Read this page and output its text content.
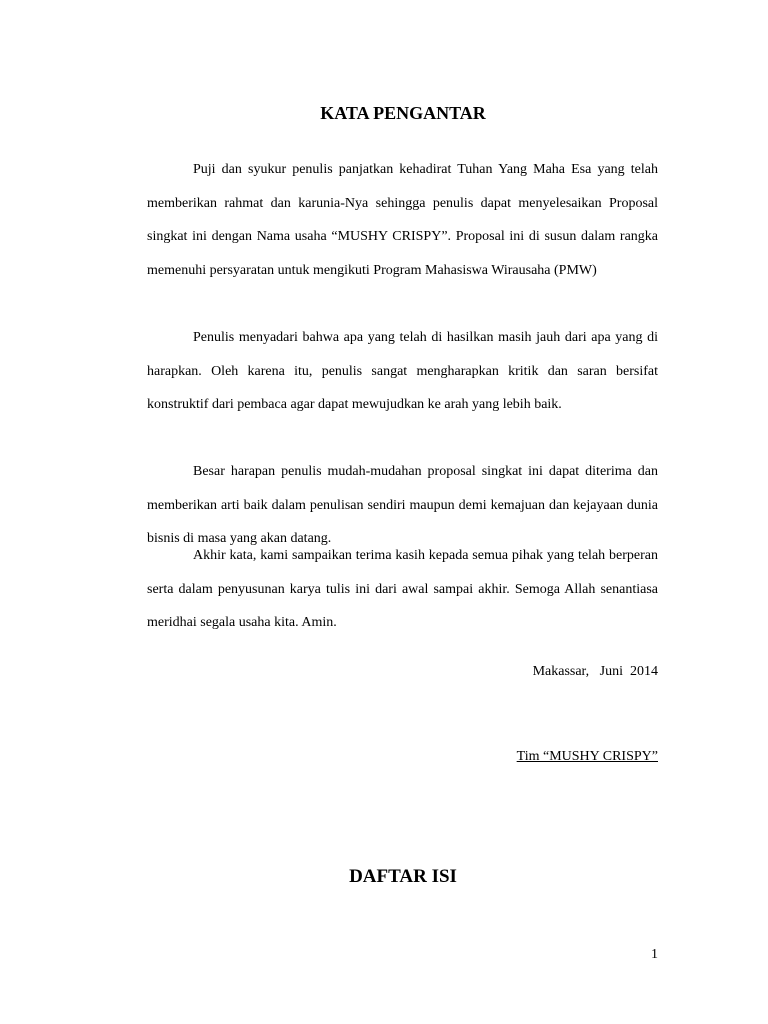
KATA PENGANTAR

Puji dan syukur penulis panjatkan kehadirat Tuhan Yang Maha Esa yang telah memberikan rahmat dan karunia-Nya sehingga penulis dapat menyelesaikan Proposal singkat ini dengan Nama usaha “MUSHY CRISPY”. Proposal ini di susun dalam rangka memenuhi persyaratan untuk mengikuti Program Mahasiswa Wirausaha (PMW)

Penulis menyadari bahwa apa yang telah di hasilkan masih jauh dari apa yang di harapkan. Oleh karena itu, penulis sangat mengharapkan kritik dan saran bersifat konstruktif dari pembaca agar dapat mewujudkan ke arah yang lebih baik.

Besar harapan penulis mudah-mudahan proposal singkat ini dapat diterima dan memberikan arti baik dalam penulisan sendiri maupun demi kemajuan dan kejayaan dunia bisnis di masa yang akan datang.

Akhir kata, kami sampaikan terima kasih kepada semua pihak yang telah berperan serta dalam penyusunan karya tulis ini dari awal sampai akhir. Semoga Allah senantiasa meridhai segala usaha kita. Amin.

Makassar,   Juni  2014

Tim “MUSHY CRISPY”

DAFTAR ISI

1
